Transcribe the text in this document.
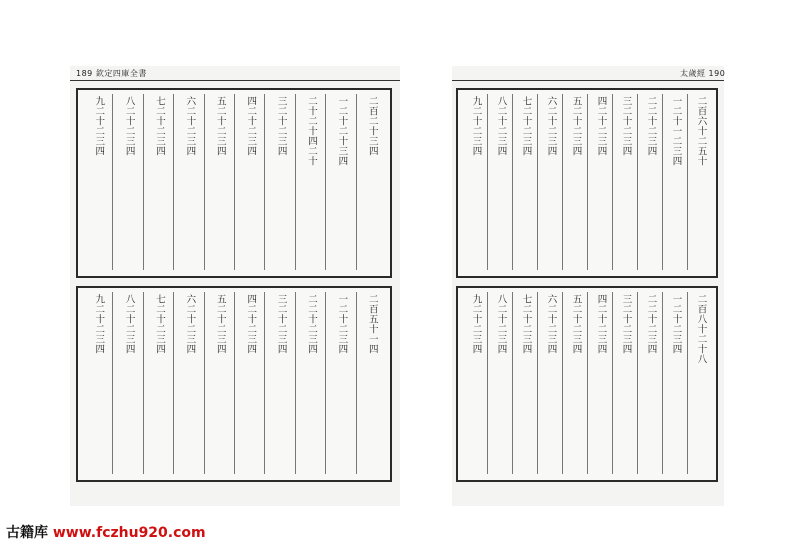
189 欽定四庫全書	太歲經 190
二百二十三四
一二十二十三四
二十二十四二十
三二十二三四
四二十二三四
五二十二三四
六二十二三四
七二十二三四
八二十二三四
九二十二三四
二百五十一四
一二十二三四
二二十二三四
三二十二三四
四二十二三四
五二十二三四
六二十二三四
七二十二三四
八二十二三四
九二十二三四
二百六十二五十
一二十一二三四
二二十二三四
三二十二三四
四二十二三四
五二十二三四
六二十二三四
七二十二三四
八二十二三四
九二十二三四
二百八十二十八
一二十二三四
二二十二三四
三二十二三四
四二十二三四
五二十二三四
六二十二三四
七二十二三四
八二十二三四
九二十二三四
古籍库 www.fczhu920.com
